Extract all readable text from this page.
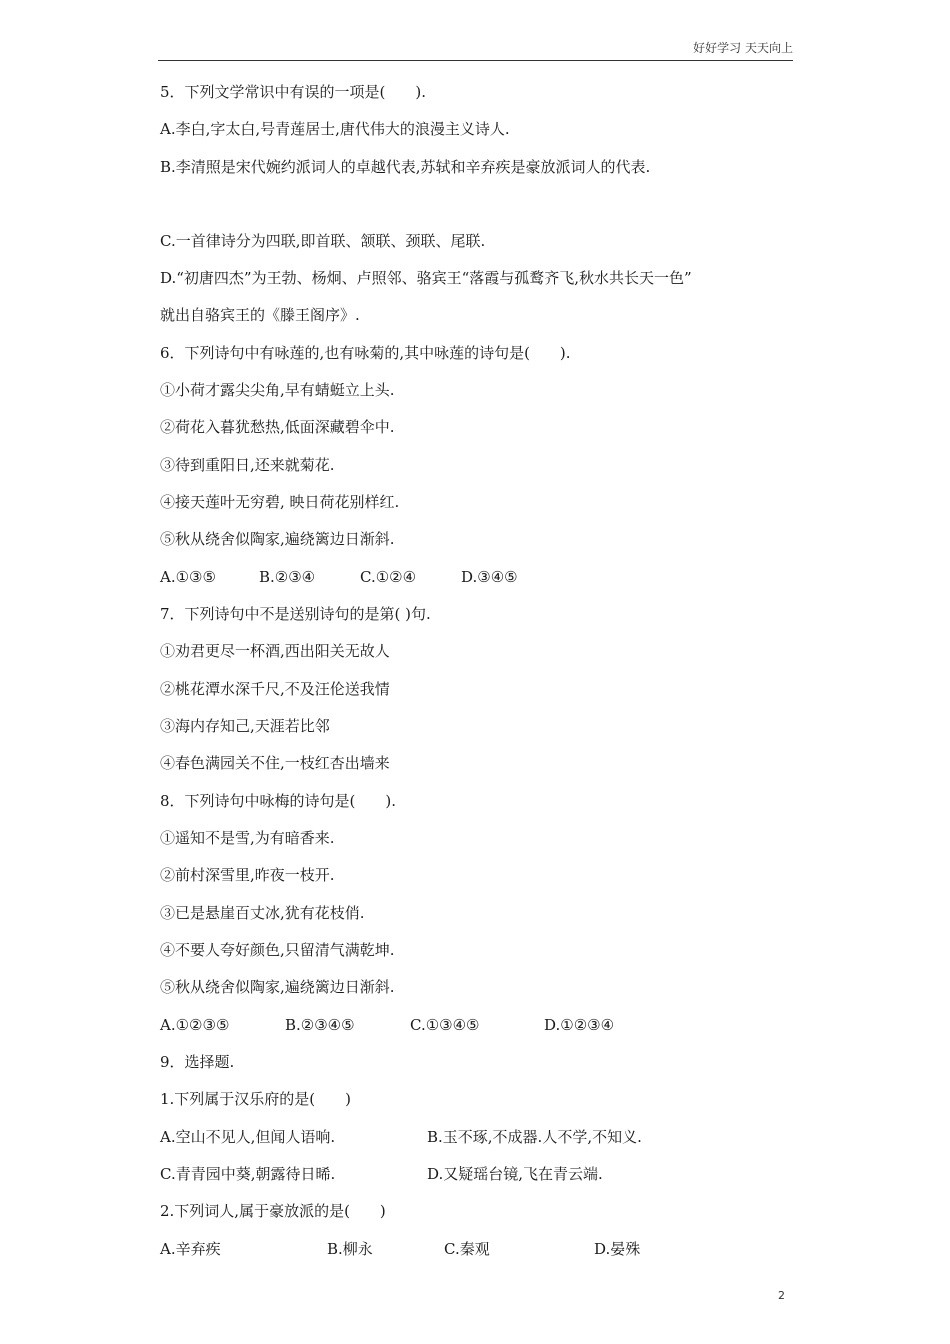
好好学习 天天向上
5．下列文学常识中有误的一项是(　　).
A.李白,字太白,号青莲居士,唐代伟大的浪漫主义诗人.
B.李清照是宋代婉约派词人的卓越代表,苏轼和辛弃疾是豪放派词人的代表.
C.一首律诗分为四联,即首联、颔联、颈联、尾联.
D.“初唐四杰”为王勃、杨炯、卢照邻、骆宾王“落霞与孤鹜齐飞,秋水共长天一色”
就出自骆宾王的《滕王阁序》.
6．下列诗句中有咏莲的,也有咏菊的,其中咏莲的诗句是(　　).
①小荷才露尖尖角,早有蜻蜓立上头.
②荷花入暮犹愁热,低面深藏碧伞中.
③待到重阳日,还来就菊花.
④接天莲叶无穷碧, 映日荷花别样红.
⑤秋从绕舍似陶家,遍绕篱边日渐斜.
A.①③⑤	B.②③④	C.①②④	D.③④⑤
7．下列诗句中不是送别诗句的是第( )句.
①劝君更尽一杯酒,西出阳关无故人
②桃花潭水深千尺,不及汪伦送我情
③海内存知己,天涯若比邻
④春色满园关不住,一枝红杏出墙来
8．下列诗句中咏梅的诗句是(　　).
①遥知不是雪,为有暗香来.
②前村深雪里,昨夜一枝开.
③已是悬崖百丈冰,犹有花枝俏.
④不要人夸好颜色,只留清气满乾坤.
⑤秋从绕舍似陶家,遍绕篱边日渐斜.
A.①②③⑤	B.②③④⑤	C.①③④⑤	D.①②③④
9．选择题.
1.下列属于汉乐府的是(　　)
A.空山不见人,但闻人语响.	B.玉不琢,不成器.人不学,不知义.
C.青青园中葵,朝露待日晞.	D.又疑瑶台镜,飞在青云端.
2.下列词人,属于豪放派的是(　　)
A.辛弃疾	B.柳永	C.秦观	D.晏殊
2
